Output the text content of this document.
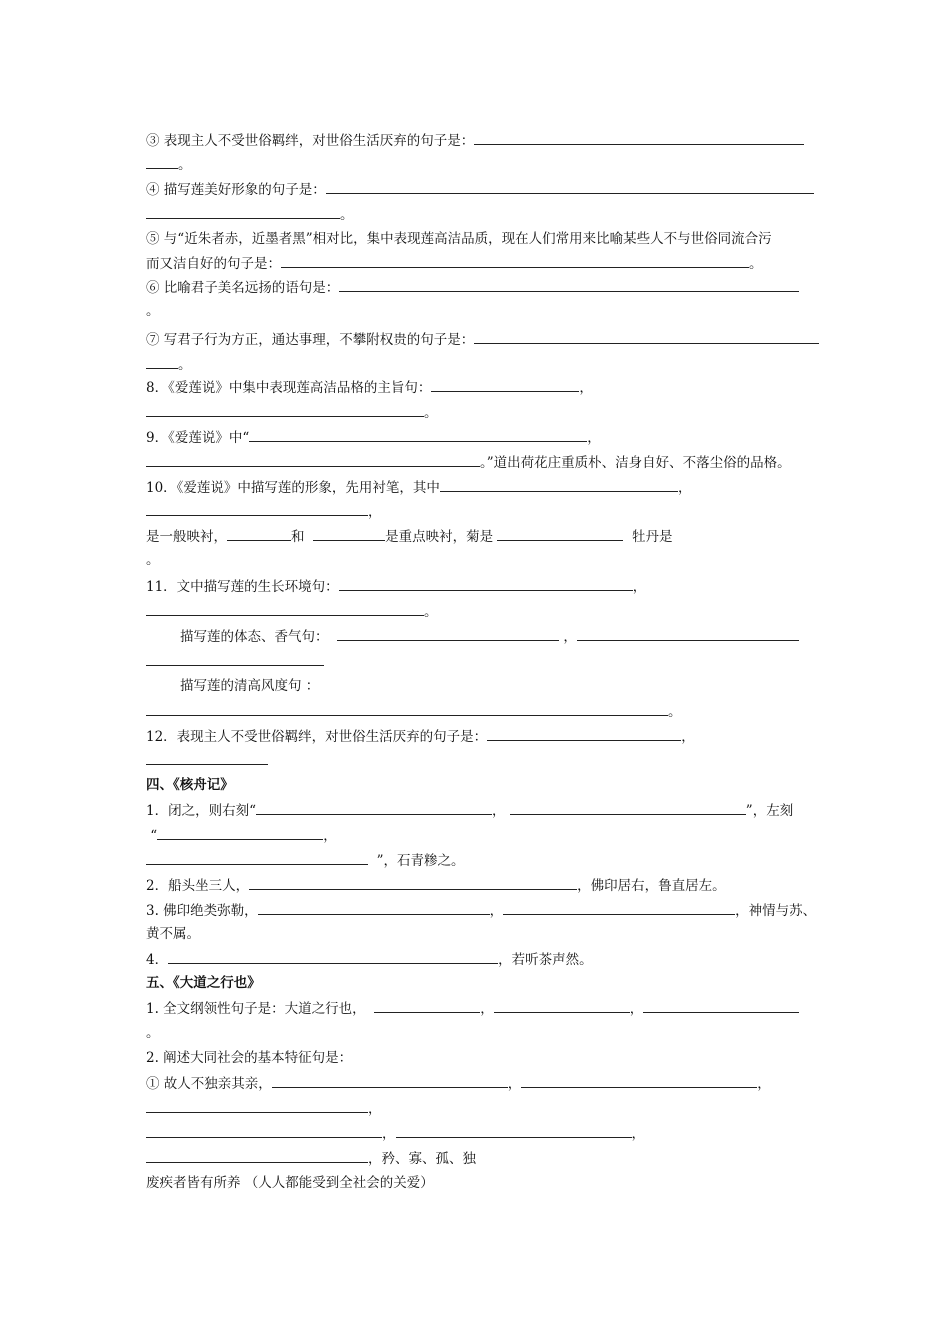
③ 表现主人不受世俗羁绊，对世俗生活厌弃的句子是：
。
④ 描写莲美好形象的句子是：
。
⑤ 与“近朱者赤，近墨者黑”相对比，集中表现莲高洁品质，现在人们常用来比喻某些人不与世俗同流合污
而又洁自好的句子是：	。
⑥ 比喻君子美名远扬的语句是：
。
⑦ 写君子行为方正，通达事理，不攀附权贵的句子是：
。
8．《爱莲说》中集中表现莲高洁品格的主旨句：	，
。
9．《爱莲说》中“	，
。”道出荷花庄重质朴、洁身自好、不落尘俗的品格。
10．《爱莲说》中描写莲的形象，先用衬笔，其中	，
，
是一般映衬，	和	是重点映衬，菊是	牡丹是
。
11．文中描写莲的生长环境句：	，
。
描写莲的体态、香气句：	，
描写莲的清高风度句 ：
。
12．表现主人不受世俗羁绊，对世俗生活厌弃的句子是：	，
四、《核舟记》
1．闭之，则右刻“	，	”，左刻
“	，
”，石青糁之。
2．船头坐三人，	，佛印居右，鲁直居左。
3. 佛印绝类弥勒，	，	，神情与苏、
黄不属。
4．	，若听茶声然。
五、《大道之行也》
1. 全文纲领性句子是：大道之行也，	，	，
。
2. 阐述大同社会的基本特征句是：
① 故人不独亲其亲，	，	，
，
，	，
，矜、寡、孤、独
废疾者皆有所养 （人人都能受到全社会的关爱）
